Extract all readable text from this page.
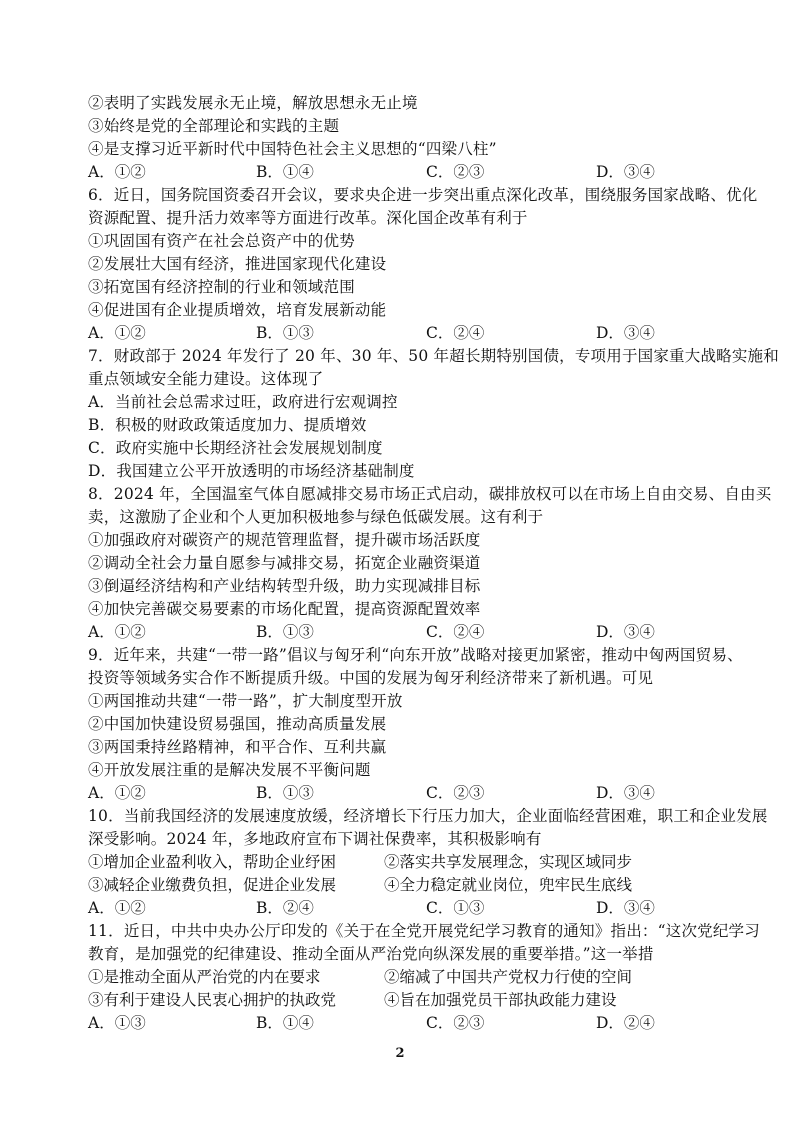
②表明了实践发展永无止境，解放思想永无止境
③始终是党的全部理论和实践的主题
④是支撑习近平新时代中国特色社会主义思想的“四梁八柱”
A．①②	B．①④	C．②③	D．③④
6．近日，国务院国资委召开会议，要求央企进一步突出重点深化改革，围绕服务国家战略、优化
资源配置、提升活力效率等方面进行改革。深化国企改革有利于
①巩固国有资产在社会总资产中的优势
②发展壮大国有经济，推进国家现代化建设
③拓宽国有经济控制的行业和领域范围
④促进国有企业提质增效，培育发展新动能
A．①②	B．①③	C．②④	D．③④
7．财政部于 2024 年发行了 20 年、30 年、50 年超长期特别国债，专项用于国家重大战略实施和
重点领域安全能力建设。这体现了
A．当前社会总需求过旺，政府进行宏观调控
B．积极的财政政策适度加力、提质增效
C．政府实施中长期经济社会发展规划制度
D．我国建立公平开放透明的市场经济基础制度
8．2024 年，全国温室气体自愿减排交易市场正式启动，碳排放权可以在市场上自由交易、自由买
卖，这激励了企业和个人更加积极地参与绿色低碳发展。这有利于
①加强政府对碳资产的规范管理监督，提升碳市场活跃度
②调动全社会力量自愿参与减排交易，拓宽企业融资渠道
③倒逼经济结构和产业结构转型升级，助力实现减排目标
④加快完善碳交易要素的市场化配置，提高资源配置效率
A．①②	B．①③	C．②④	D．③④
9．近年来，共建“一带一路”倡议与匈牙利“向东开放”战略对接更加紧密，推动中匈两国贸易、
投资等领域务实合作不断提质升级。中国的发展为匈牙利经济带来了新机遇。可见
①两国推动共建“一带一路”，扩大制度型开放
②中国加快建设贸易强国，推动高质量发展
③两国秉持丝路精神，和平合作、互利共赢
④开放发展注重的是解决发展不平衡问题
A．①②	B．①③	C．②③	D．③④
10．当前我国经济的发展速度放缓，经济增长下行压力加大，企业面临经营困难，职工和企业发展
深受影响。2024 年，多地政府宣布下调社保费率，其积极影响有
①增加企业盈利收入，帮助企业纾困	②落实共享发展理念，实现区域同步
③减轻企业缴费负担，促进企业发展	④全力稳定就业岗位，兜牢民生底线
A．①②	B．②④	C．①③	D．③④
11．近日，中共中央办公厅印发的《关于在全党开展党纪学习教育的通知》指出：“这次党纪学习
教育，是加强党的纪律建设、推动全面从严治党向纵深发展的重要举措。”这一举措
①是推动全面从严治党的内在要求	②缩减了中国共产党权力行使的空间
③有利于建设人民衷心拥护的执政党	④旨在加强党员干部执政能力建设
A．①③	B．①④	C．②③	D．②④
2
